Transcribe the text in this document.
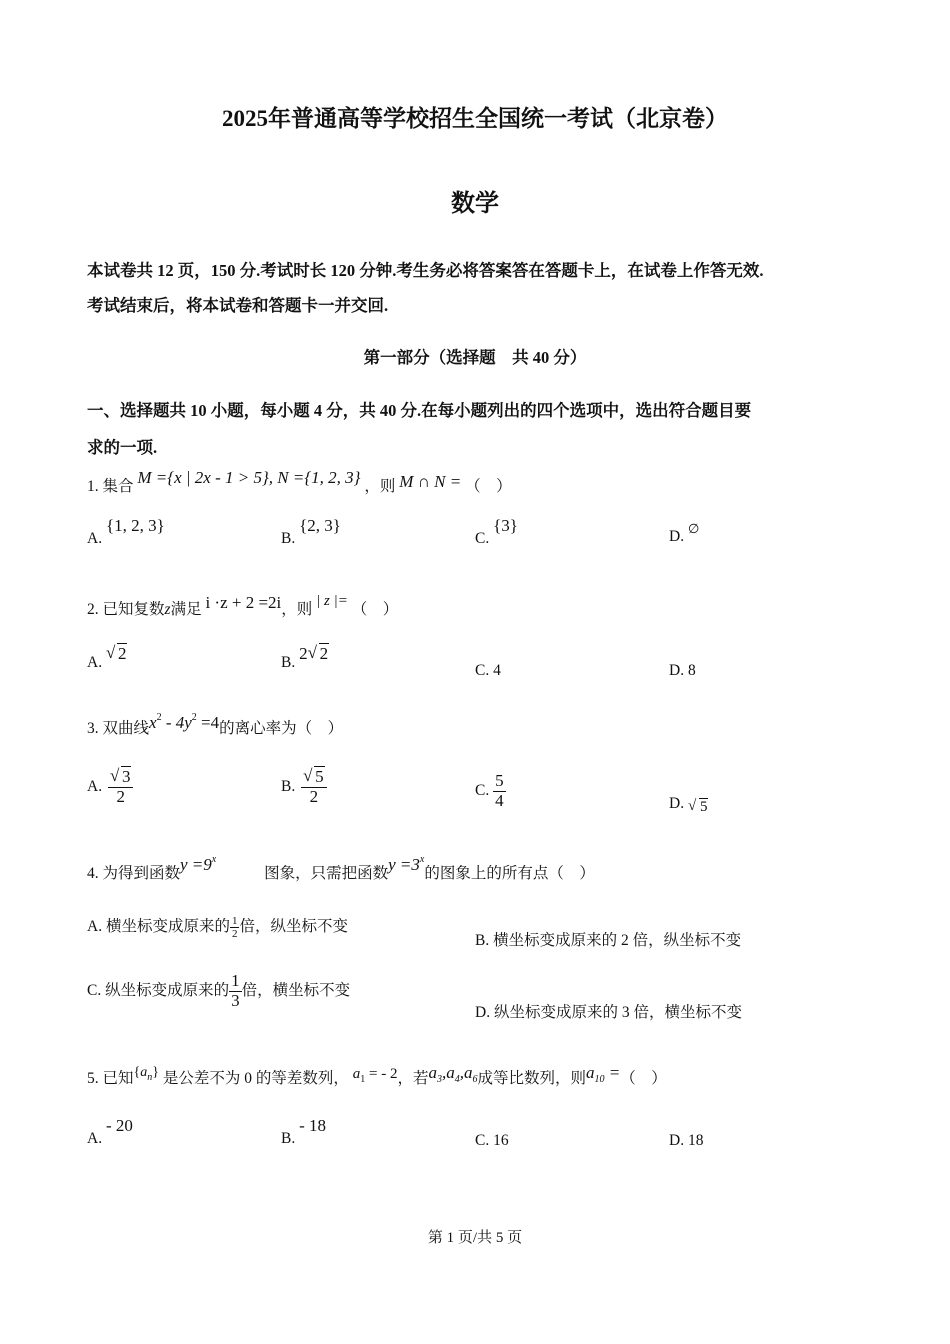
2025年普通高等学校招生全国统一考试（北京卷）
数学
本试卷共 12 页，150 分.考试时长 120 分钟.考生务必将答案答在答题卡上，在试卷上作答无效.
考试结束后，将本试卷和答题卡一并交回.
第一部分（选择题　共 40 分）
一、选择题共 10 小题，每小题 4 分，共 40 分.在每小题列出的四个选项中，选出符合题目要
求的一项.
1. 集合 M ={x | 2x - 1 > 5}, N ={1, 2, 3} ，则 M ∩ N = （　）
A. {1, 2, 3}
B. {2, 3}
C. {3}
D. ∅
2. 已知复数z满足 i ·z + 2 =2i，则 | z |= （　）
A. √ 2	B. 2 √ 2
C. 4	D. 8
3. 双曲线$x^2 - 4y^2 =4$的离心率为（　）
A. √ $\frac{3}{2}$	B. √ $\frac{5}{2}$	C. $\frac{5}{4}$	D. √ 5
4. 为得到函数$y =9^x$ 图象，只需把函数$y =3^x$的图象上的所有点（　）
A. 横坐标变成原来的 $\frac{1}{2}$ 倍，纵坐标不变
B. 横坐标变成原来的 2 倍，纵坐标不变
C. 纵坐标变成原来的 $\frac{1}{3}$ 倍，横坐标不变
D. 纵坐标变成原来的 3 倍，横坐标不变
5. 已知$\{a_n\}$ 是公差不为 0 的等差数列， $a_1$ = - 2，若$a_3,a_4,a_6$成等比数列，则$a_{10}$ =（　）
A. - 20
B. - 18
C. 16	D. 18
第 1 页/共 5 页
